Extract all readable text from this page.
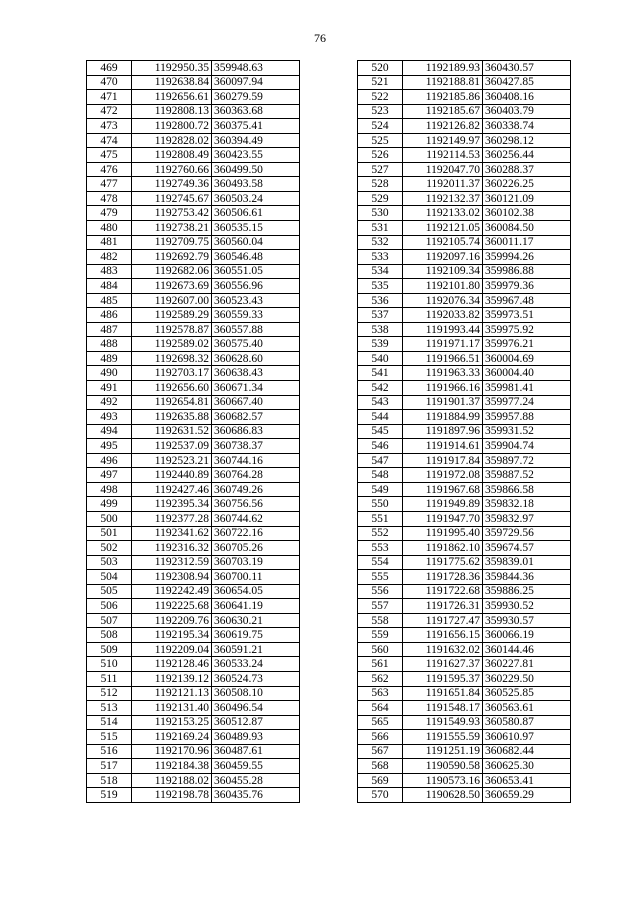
76
469	1192950.35	359948.63
470	1192638.84	360097.94
471	1192656.61	360279.59
472	1192808.13	360363.68
473	1192800.72	360375.41
474	1192828.02	360394.49
475	1192808.49	360423.55
476	1192760.66	360499.50
477	1192749.36	360493.58
478	1192745.67	360503.24
479	1192753.42	360506.61
480	1192738.21	360535.15
481	1192709.75	360560.04
482	1192692.79	360546.48
483	1192682.06	360551.05
484	1192673.69	360556.96
485	1192607.00	360523.43
486	1192589.29	360559.33
487	1192578.87	360557.88
488	1192589.02	360575.40
489	1192698.32	360628.60
490	1192703.17	360638.43
491	1192656.60	360671.34
492	1192654.81	360667.40
493	1192635.88	360682.57
494	1192631.52	360686.83
495	1192537.09	360738.37
496	1192523.21	360744.16
497	1192440.89	360764.28
498	1192427.46	360749.26
499	1192395.34	360756.56
500	1192377.28	360744.62
501	1192341.62	360722.16
502	1192316.32	360705.26
503	1192312.59	360703.19
504	1192308.94	360700.11
505	1192242.49	360654.05
506	1192225.68	360641.19
507	1192209.76	360630.21
508	1192195.34	360619.75
509	1192209.04	360591.21
510	1192128.46	360533.24
511	1192139.12	360524.73
512	1192121.13	360508.10
513	1192131.40	360496.54
514	1192153.25	360512.87
515	1192169.24	360489.93
516	1192170.96	360487.61
517	1192184.38	360459.55
518	1192188.02	360455.28
519	1192198.78	360435.76
520	1192189.93	360430.57
521	1192188.81	360427.85
522	1192185.86	360408.16
523	1192185.67	360403.79
524	1192126.82	360338.74
525	1192149.97	360298.12
526	1192114.53	360256.44
527	1192047.70	360288.37
528	1192011.37	360226.25
529	1192132.37	360121.09
530	1192133.02	360102.38
531	1192121.05	360084.50
532	1192105.74	360011.17
533	1192097.16	359994.26
534	1192109.34	359986.88
535	1192101.80	359979.36
536	1192076.34	359967.48
537	1192033.82	359973.51
538	1191993.44	359975.92
539	1191971.17	359976.21
540	1191966.51	360004.69
541	1191963.33	360004.40
542	1191966.16	359981.41
543	1191901.37	359977.24
544	1191884.99	359957.88
545	1191897.96	359931.52
546	1191914.61	359904.74
547	1191917.84	359897.72
548	1191972.08	359887.52
549	1191967.68	359866.58
550	1191949.89	359832.18
551	1191947.70	359832.97
552	1191995.40	359729.56
553	1191862.10	359674.57
554	1191775.62	359839.01
555	1191728.36	359844.36
556	1191722.68	359886.25
557	1191726.31	359930.52
558	1191727.47	359930.57
559	1191656.15	360066.19
560	1191632.02	360144.46
561	1191627.37	360227.81
562	1191595.37	360229.50
563	1191651.84	360525.85
564	1191548.17	360563.61
565	1191549.93	360580.87
566	1191555.59	360610.97
567	1191251.19	360682.44
568	1190590.58	360625.30
569	1190573.16	360653.41
570	1190628.50	360659.29
